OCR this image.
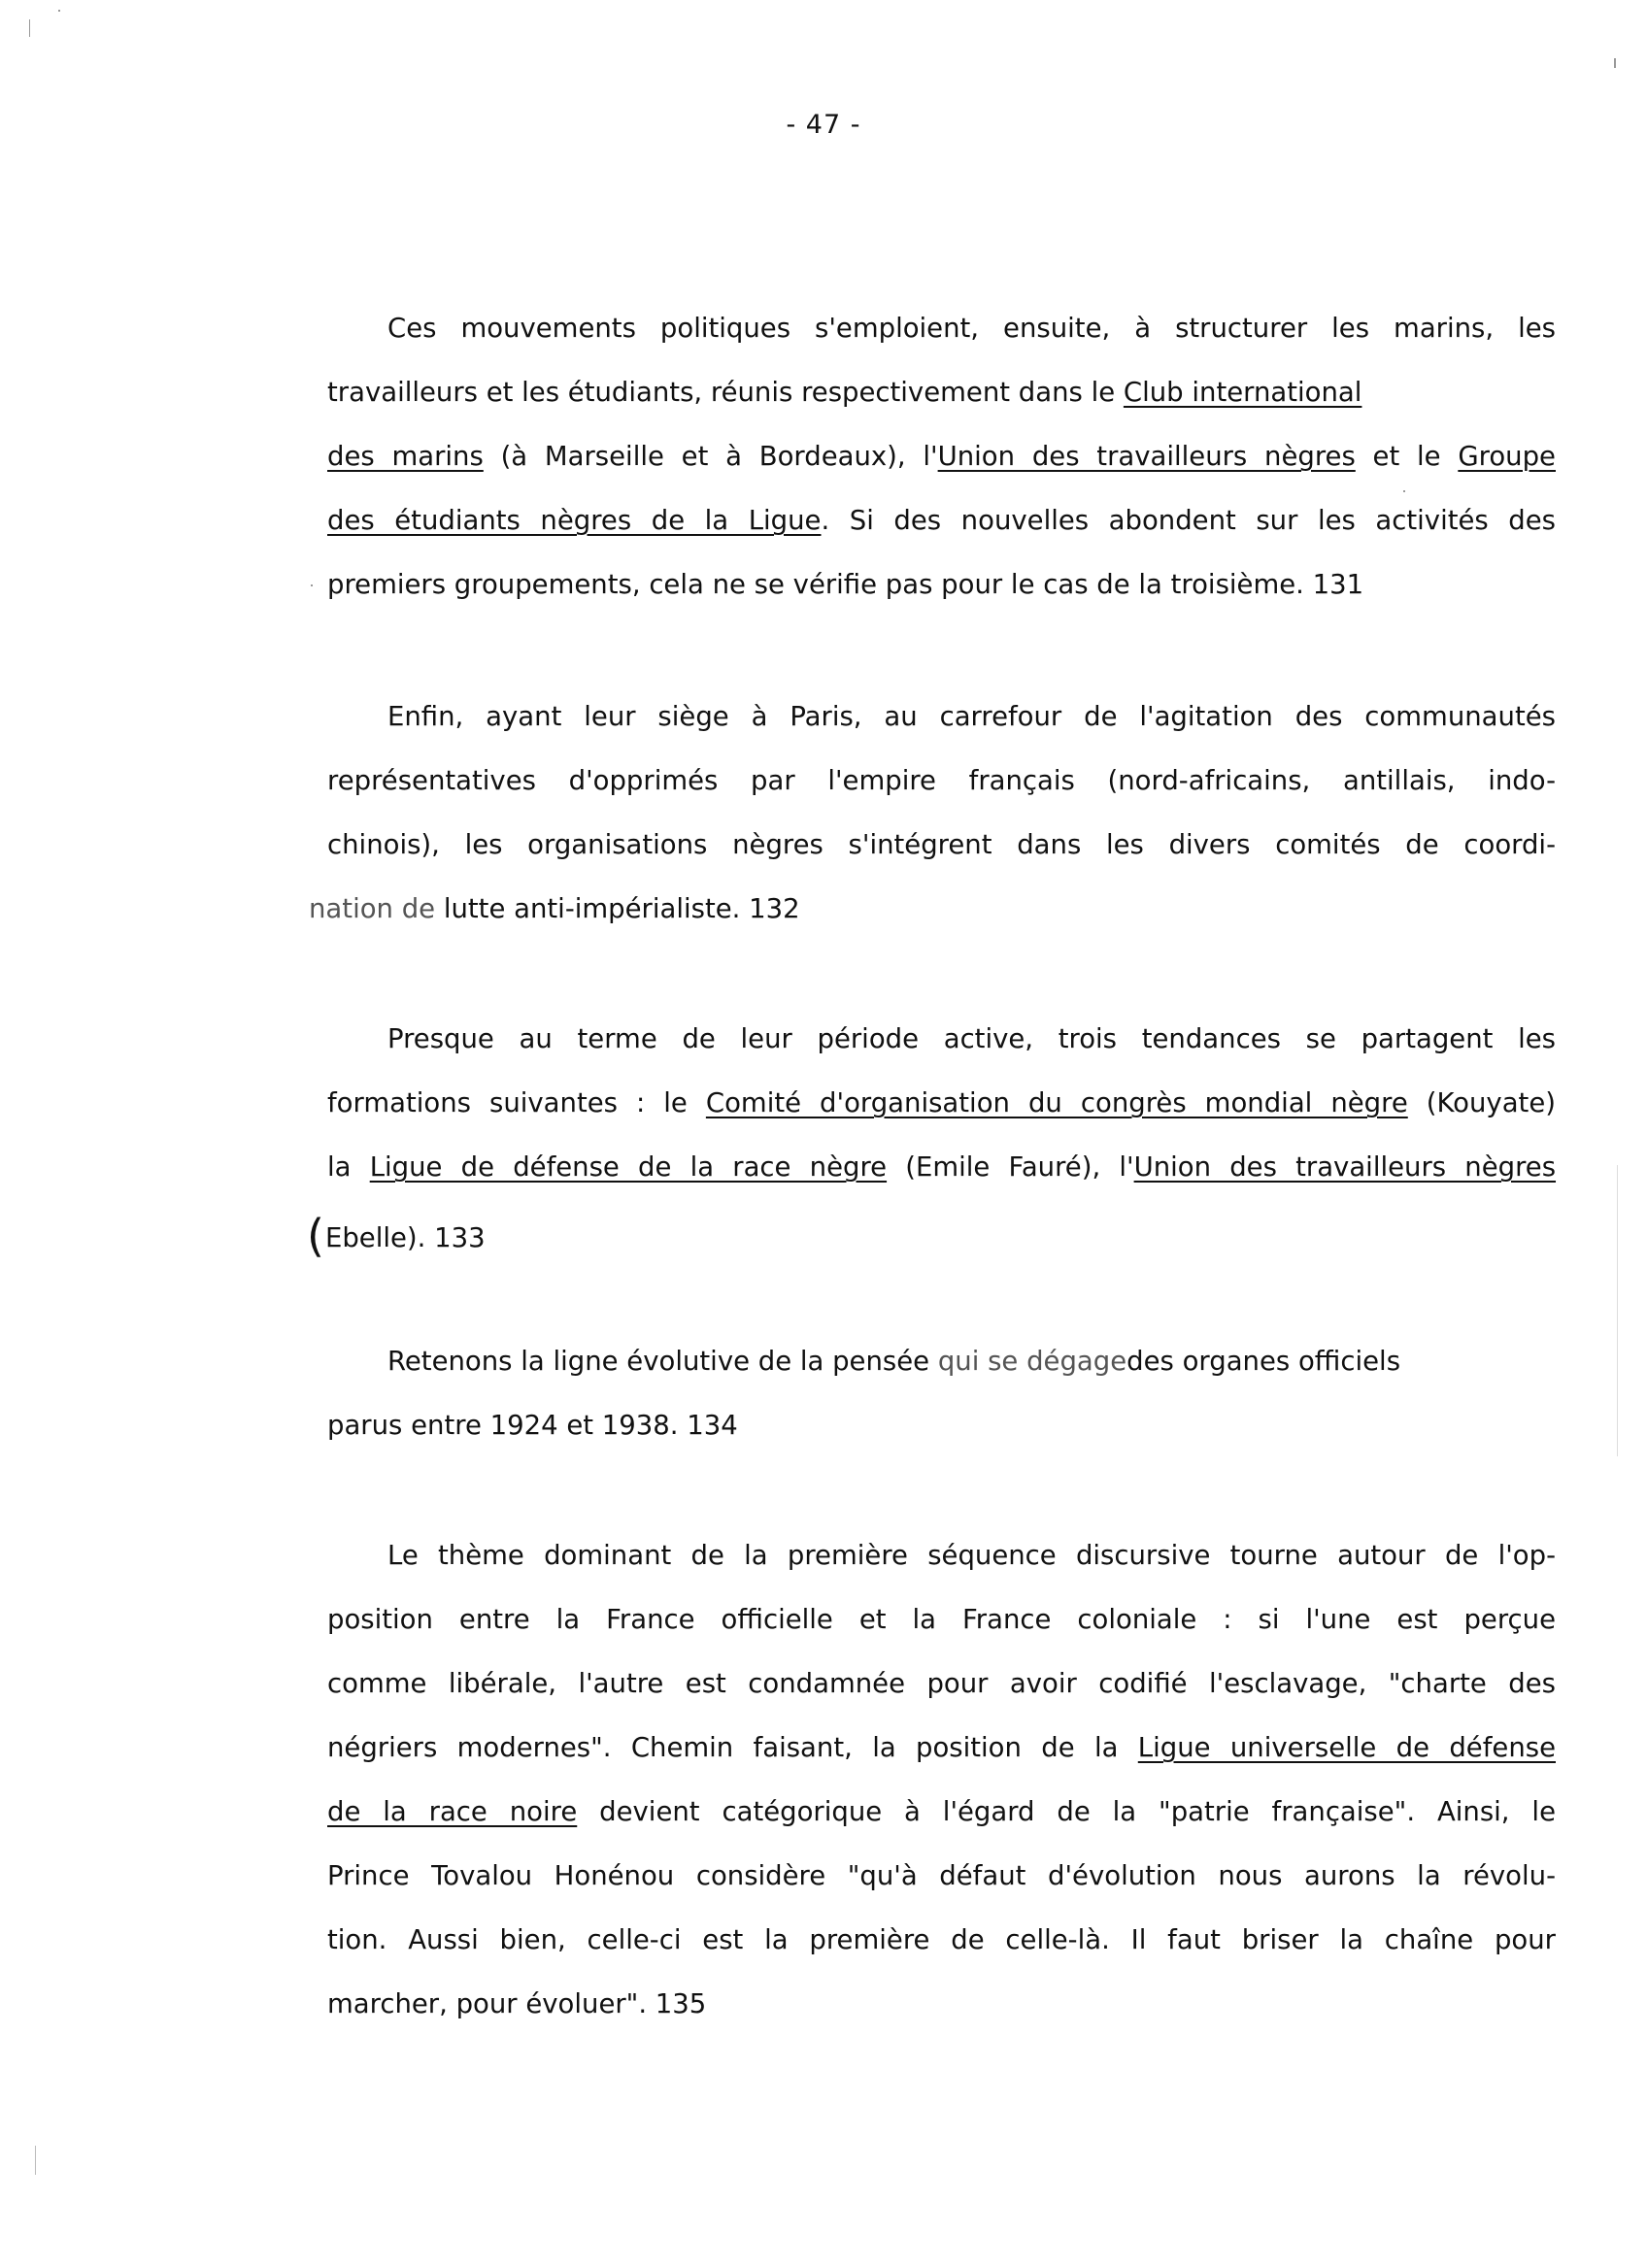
- 47 -
Ces mouvements politiques s'emploient, ensuite, à structurer les marins, les
travailleurs et les étudiants, réunis respectivement dans le Club international
des marins (à Marseille et à Bordeaux), l'Union des travailleurs nègres et le Groupe
des étudiants nègres de la Ligue. Si des nouvelles abondent sur les activités des
premiers groupements, cela ne se vérifie pas pour le cas de la troisième. 131
Enfin, ayant leur siège à Paris, au carrefour de l'agitation des communautés
représentatives d'opprimés par l'empire français (nord-africains, antillais, indo-
chinois), les organisations nègres s'intégrent dans les divers comités de coordi-
nation de lutte anti-impérialiste. 132
Presque au terme de leur période active, trois tendances se partagent les
formations suivantes : le Comité d'organisation du congrès mondial nègre (Kouyate)
la Ligue de défense de la race nègre (Emile Fauré), l'Union des travailleurs nègres
(Ebelle). 133
Retenons la ligne évolutive de la pensée qui se dégagedes organes officiels
parus entre 1924 et 1938. 134
Le thème dominant de la première séquence discursive tourne autour de l'op-
position entre la France officielle et la France coloniale : si l'une est perçue
comme libérale, l'autre est condamnée pour avoir codifié l'esclavage, "charte des
négriers modernes". Chemin faisant, la position de la Ligue universelle de défense
de la race noire devient catégorique à l'égard de la "patrie française". Ainsi, le
Prince Tovalou Honénou considère "qu'à défaut d'évolution nous aurons la révolu-
tion. Aussi bien, celle-ci est la première de celle-là. Il faut briser la chaîne pour
marcher, pour évoluer". 135
